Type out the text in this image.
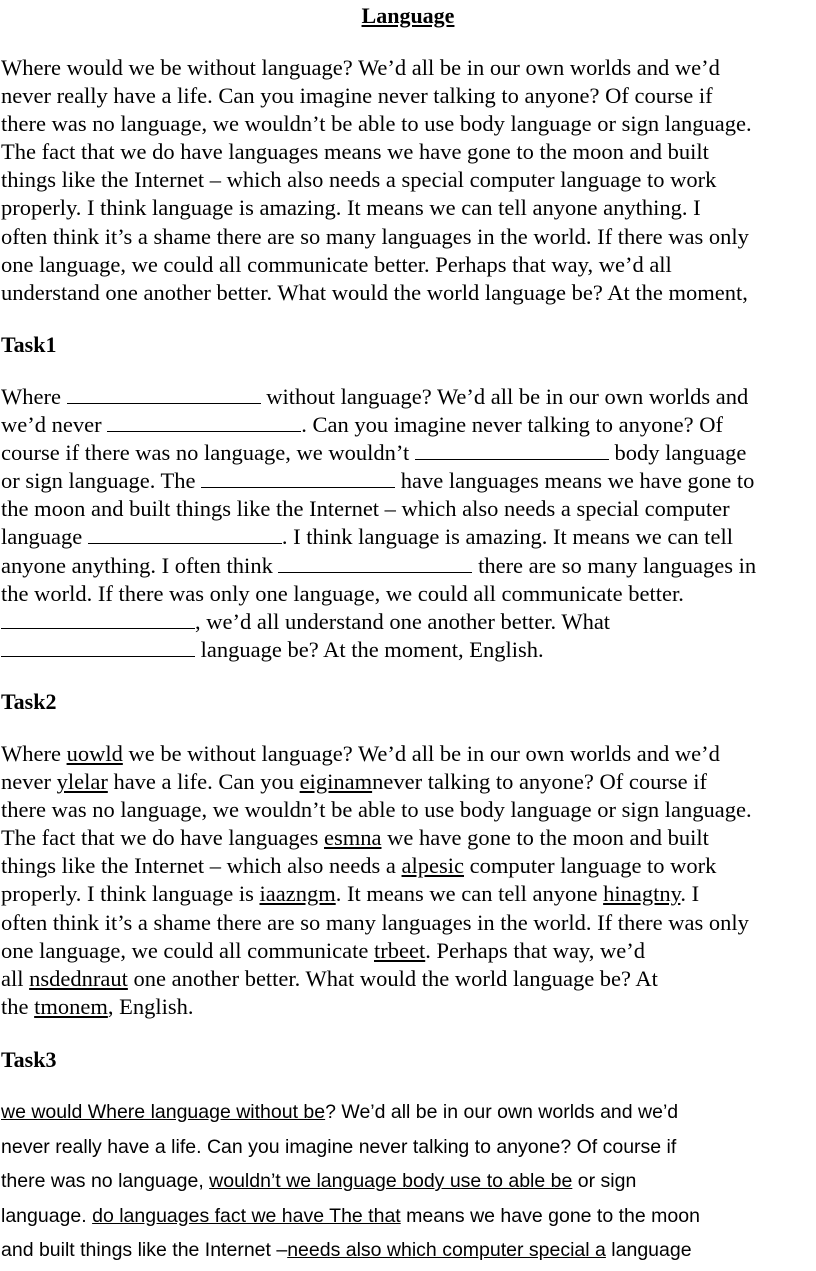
Language
Where would we be without language? We’d all be in our own worlds and we’d
never really have a life. Can you imagine never talking to anyone? Of course if
there was no language, we wouldn’t be able to use body language or sign language.
The fact that we do have languages means we have gone to the moon and built
things like the Internet – which also needs a special computer language to work
properly. I think language is amazing. It means we can tell anyone anything. I
often think it’s a shame there are so many languages in the world. If there was only
one language, we could all communicate better. Perhaps that way, we’d all
understand one another better. What would the world language be? At the moment,
Task1
Where	without language? We’d all be in our own worlds and
we’d never	. Can you imagine never talking to anyone? Of
course if there was no language, we wouldn’t	body language
or sign language. The	have languages means we have gone to
the moon and built things like the Internet – which also needs a special computer
language	. I think language is amazing. It means we can tell
anyone anything. I often think	there are so many languages in
the world. If there was only one language, we could all communicate better.
, we’d all understand one another better. What
language be? At the moment, English.
Task2
Where uowld we be without language? We’d all be in our own worlds and we’d
never ylelar have a life. Can you eiginamnever talking to anyone? Of course if
there was no language, we wouldn’t be able to use body language or sign language.
The fact that we do have languages esmna we have gone to the moon and built
things like the Internet – which also needs a alpesic computer language to work
properly. I think language is iaazngm. It means we can tell anyone hinagtny. I
often think it’s a shame there are so many languages in the world. If there was only
one language, we could all communicate trbeet. Perhaps that way, we’d
all nsdednraut one another better. What would the world language be? At
the tmonem, English.
Task3
we would Where language without be? We’d all be in our own worlds and we’d
never really have a life. Can you imagine never talking to anyone? Of course if
there was no language, wouldn’t we language body use to able be or sign
language. do languages fact we have The that means we have gone to the moon
and built things like the Internet –needs also which computer special a language
